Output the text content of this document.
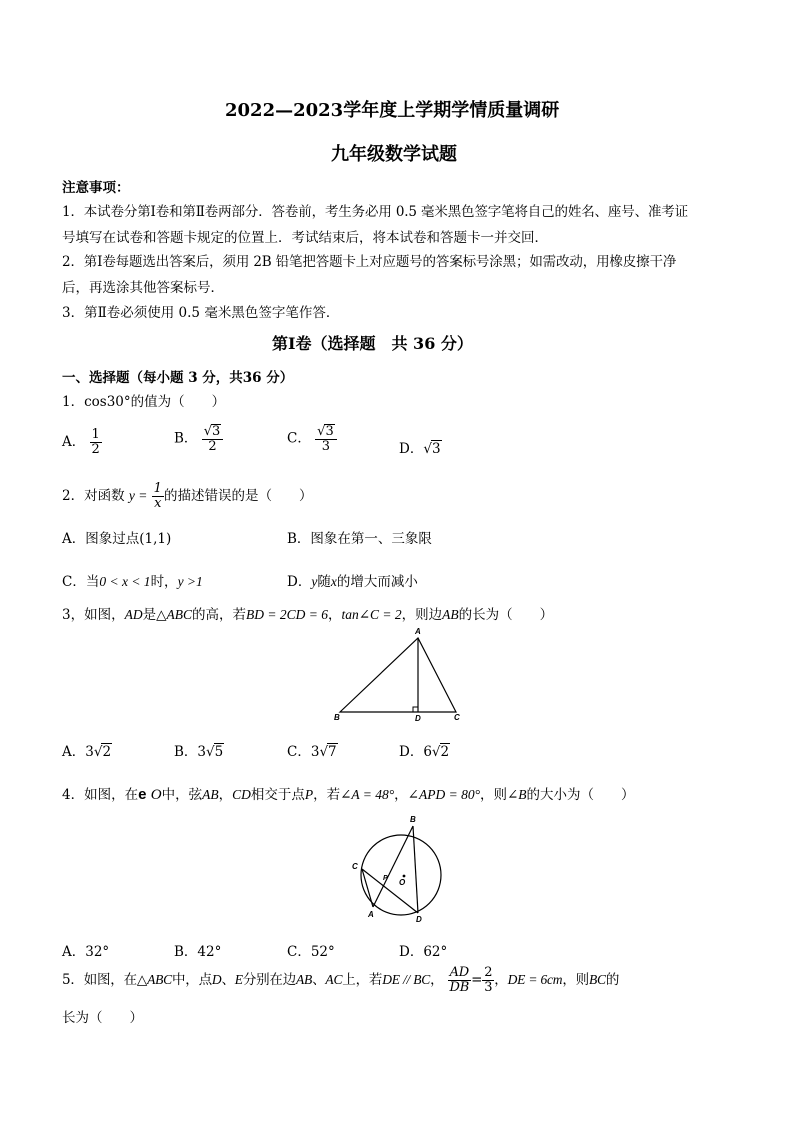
2022—2023学年度上学期学情质量调研
九年级数学试题
注意事项：
1．本试卷分第Ⅰ卷和第Ⅱ卷两部分．答卷前，考生务必用 0.5 毫米黑色签字笔将自己的姓名、座号、准考证
号填写在试卷和答题卡规定的位置上．考试结束后，将本试卷和答题卡一并交回．
2．第Ⅰ卷每题选出答案后，须用 2B 铅笔把答题卡上对应题号的答案标号涂黑；如需改动，用橡皮擦干净
后，再选涂其他答案标号．
3．第Ⅱ卷必须使用 0.5 毫米黑色签字笔作答．
第Ⅰ卷（选择题　共 36 分）
一、选择题（每小题 3 分，共36 分）
1．cos30°的值为（　　）
A． $\frac{1}{2}$	B． $\frac{√3}{2}$	C． $\frac{√3}{3}$	D．√3
2．对函数 $y = \frac{1}{x}$ 的描述错误的是（　　）
A．图象过点(1,1)	B．图象在第一、三象限
C．当0 < x < 1时，y >1	D．y随x的增大而减小
3，如图，AD是△ABC的高，若BD = 2CD = 6，tan∠C = 2，则边AB的长为（　　）
A
B	D	C
A．3√2	B．3√5	C．3√7	D．6√2
4．如图，在e O中，弦AB，CD相交于点P，若∠A = 48°，∠APD = 80°，则∠B的大小为（　　）
B
C
P O
A
D
A．32°	B．42°	C．52°	D．62°
5．如图，在△ABC中，点D、E分别在边AB、AC上，若DE // BC， $\frac{AD}{DB} = \frac{2}{3}$ ，DE = 6cm，则BC的
长为（　　）
